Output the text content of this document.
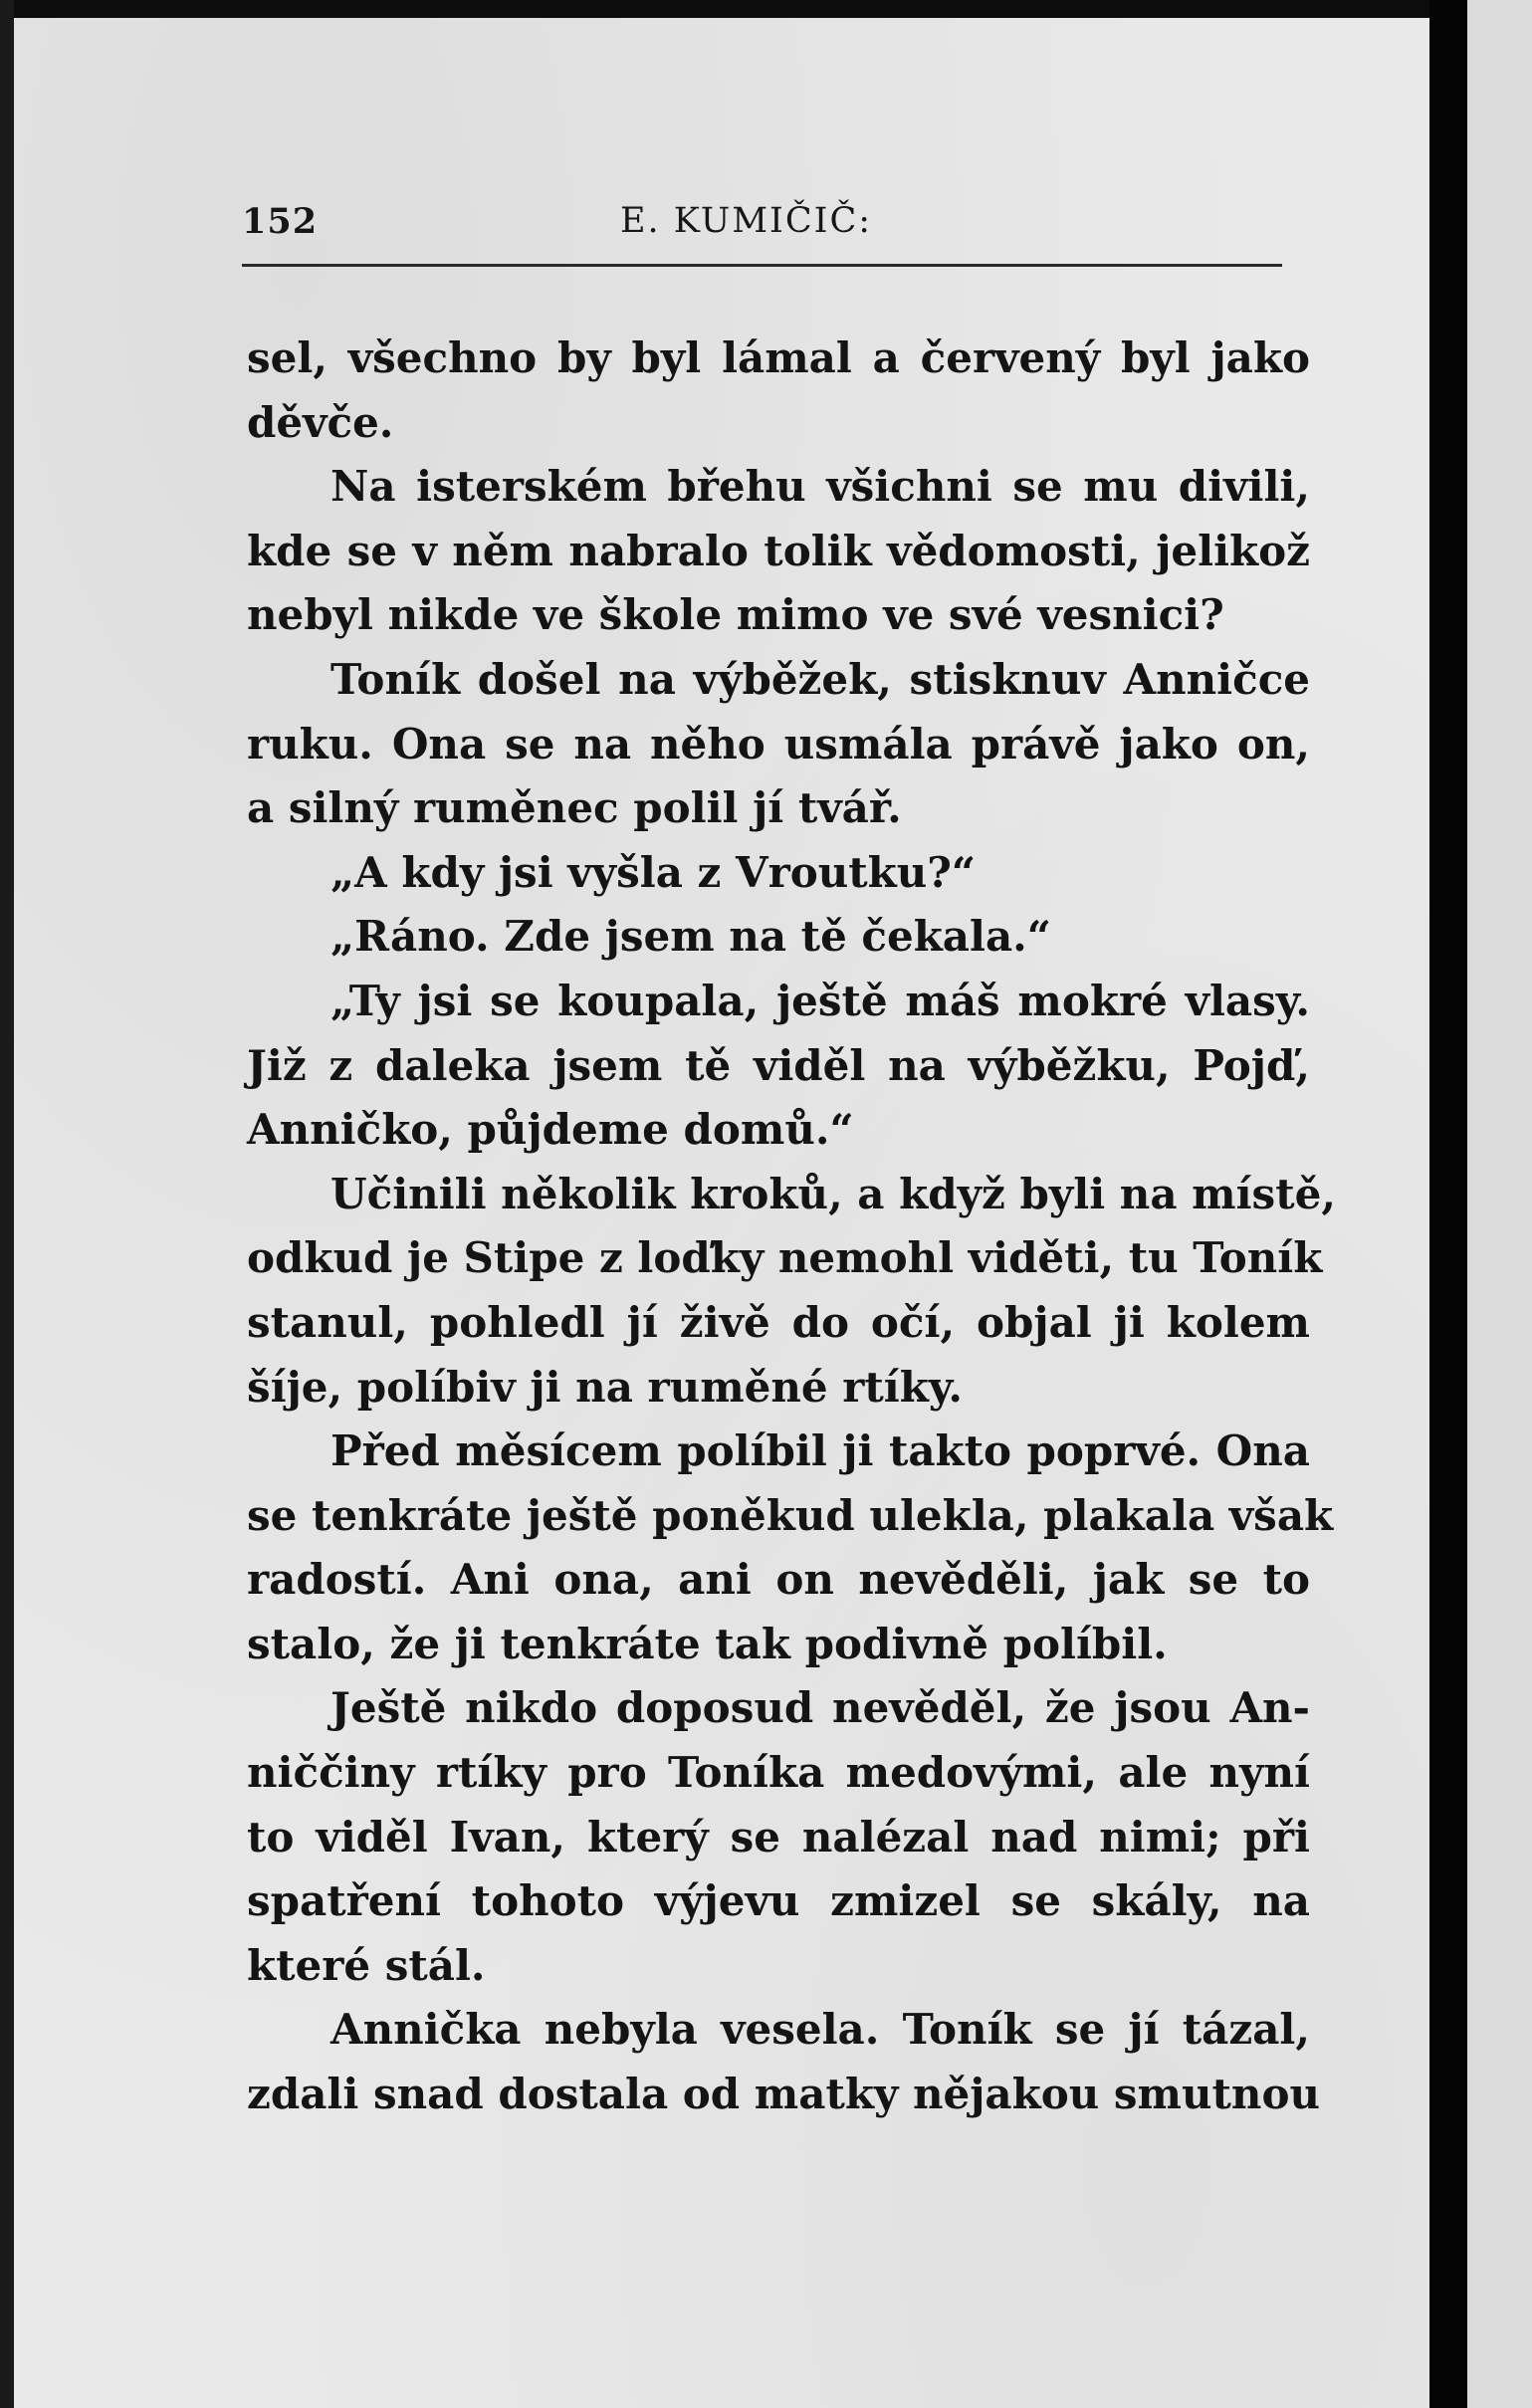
152	E. KUMIČIČ:
sel, všechno by byl lámal a červený byl jako
děvče.
Na isterském břehu všichni se mu divili,
kde se v něm nabralo tolik vědomosti, jelikož
nebyl nikde ve škole mimo ve své vesnici?
Toník došel na výběžek, stisknuv Anničce
ruku. Ona se na něho usmála právě jako on,
a silný ruměnec polil jí tvář.
„A kdy jsi vyšla z Vroutku?“
„Ráno. Zde jsem na tě čekala.“
„Ty jsi se koupala, ještě máš mokré vlasy.
Již z daleka jsem tě viděl na výběžku, Pojď,
Anničko, půjdeme domů.“
Učinili několik kroků, a když byli na místě,
odkud je Stipe z loďky nemohl viděti, tu Toník
stanul, pohledl jí živě do očí, objal ji kolem
šíje, políbiv ji na ruměné rtíky.
Před měsícem políbil ji takto poprvé. Ona
se tenkráte ještě poněkud ulekla, plakala však
radostí. Ani ona, ani on nevěděli, jak se to
stalo, že ji tenkráte tak podivně políbil.
Ještě nikdo doposud nevěděl, že jsou An-
niččiny rtíky pro Toníka medovými, ale nyní
to viděl Ivan, který se nalézal nad nimi; při
spatření tohoto výjevu zmizel se skály, na
které stál.
Annička nebyla vesela. Toník se jí tázal,
zdali snad dostala od matky nějakou smutnou
